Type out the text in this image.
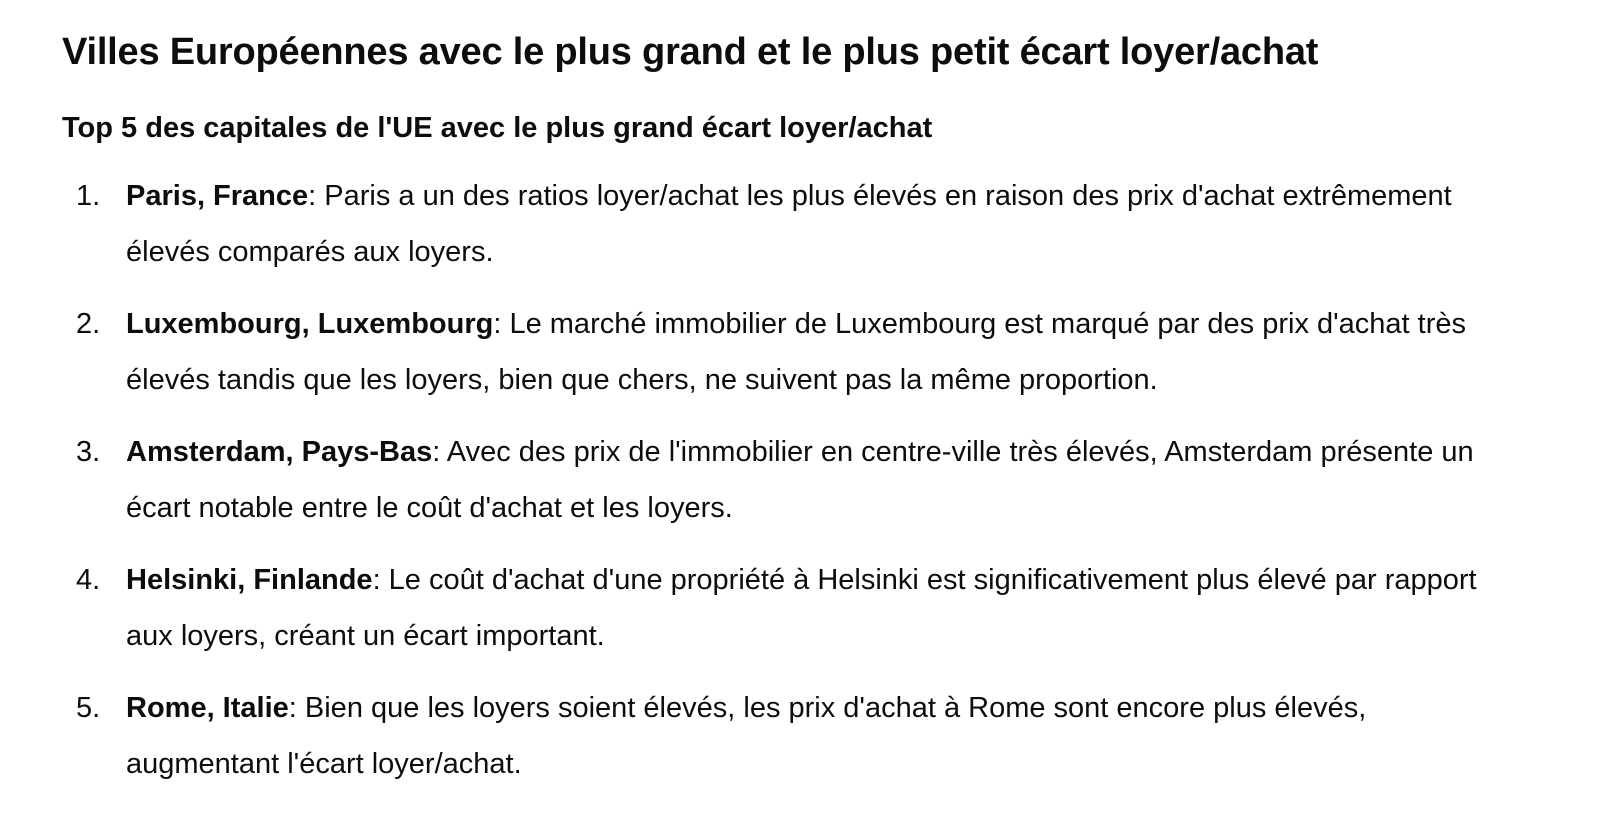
Villes Européennes avec le plus grand et le plus petit écart loyer/achat
Top 5 des capitales de l'UE avec le plus grand écart loyer/achat
1. Paris, France: Paris a un des ratios loyer/achat les plus élevés en raison des prix d'achat extrêmement élevés comparés aux loyers.
2. Luxembourg, Luxembourg: Le marché immobilier de Luxembourg est marqué par des prix d'achat très élevés tandis que les loyers, bien que chers, ne suivent pas la même proportion.
3. Amsterdam, Pays-Bas: Avec des prix de l'immobilier en centre-ville très élevés, Amsterdam présente un écart notable entre le coût d'achat et les loyers.
4. Helsinki, Finlande: Le coût d'achat d'une propriété à Helsinki est significativement plus élevé par rapport aux loyers, créant un écart important.
5. Rome, Italie: Bien que les loyers soient élevés, les prix d'achat à Rome sont encore plus élevés, augmentant l'écart loyer/achat.
